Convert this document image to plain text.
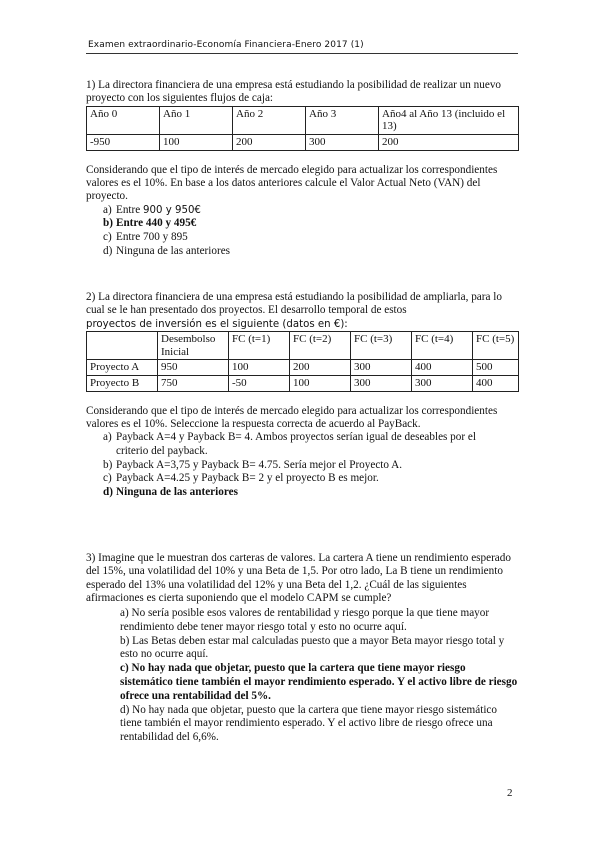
Examen extraordinario-Economía Financiera-Enero 2017 (1)
1) La directora financiera de una empresa está estudiando la posibilidad de realizar un nuevo proyecto con los siguientes flujos de caja:
Año 0	Año 1	Año 2	Año 3	Año4 al Año 13 (incluido el 13)
-950	100	200	300	200
Considerando que el tipo de interés de mercado elegido para actualizar los correspondientes valores es el 10%. En base a los datos anteriores calcule el Valor Actual Neto (VAN) del proyecto.
a) Entre 900 y 950€
b) Entre 440 y 495€
c) Entre 700 y 895
d) Ninguna de las anteriores
2) La directora financiera de una empresa está estudiando la posibilidad de ampliarla, para lo cual se le han presentado dos proyectos. El desarrollo temporal de estos
proyectos de inversión es el siguiente (datos en €):
	Desembolso Inicial	FC (t=1)	FC (t=2)	FC (t=3)	FC (t=4)	FC (t=5)
Proyecto A	950	100	200	300	400	500
Proyecto B	750	-50	100	300	300	400
Considerando que el tipo de interés de mercado elegido para actualizar los correspondientes valores es el 10%. Seleccione la respuesta correcta de acuerdo al PayBack.
a) Payback A=4 y Payback B= 4. Ambos proyectos serían igual de deseables por el criterio del payback.
b) Payback A=3,75 y Payback B= 4.75. Sería mejor el Proyecto A.
c) Payback A=4.25 y Payback B= 2 y el proyecto B es mejor.
d) Ninguna de las anteriores
3) Imagine que le muestran dos carteras de valores. La cartera A tiene un rendimiento esperado del 15%, una volatilidad del 10% y una Beta de 1,5. Por otro lado, La B tiene un rendimiento esperado del 13% una volatilidad del 12% y una Beta del 1,2. ¿Cuál de las siguientes afirmaciones es cierta suponiendo que el modelo CAPM se cumple?
a) No sería posible esos valores de rentabilidad y riesgo porque la que tiene mayor rendimiento debe tener mayor riesgo total y esto no ocurre aquí.
b) Las Betas deben estar mal calculadas puesto que a mayor Beta mayor riesgo total y esto no ocurre aquí.
c) No hay nada que objetar, puesto que la cartera que tiene mayor riesgo sistemático tiene también el mayor rendimiento esperado. Y el activo libre de riesgo ofrece una rentabilidad del 5%.
d) No hay nada que objetar, puesto que la cartera que tiene mayor riesgo sistemático tiene también el mayor rendimiento esperado. Y el activo libre de riesgo ofrece una rentabilidad del 6,6%.
2
